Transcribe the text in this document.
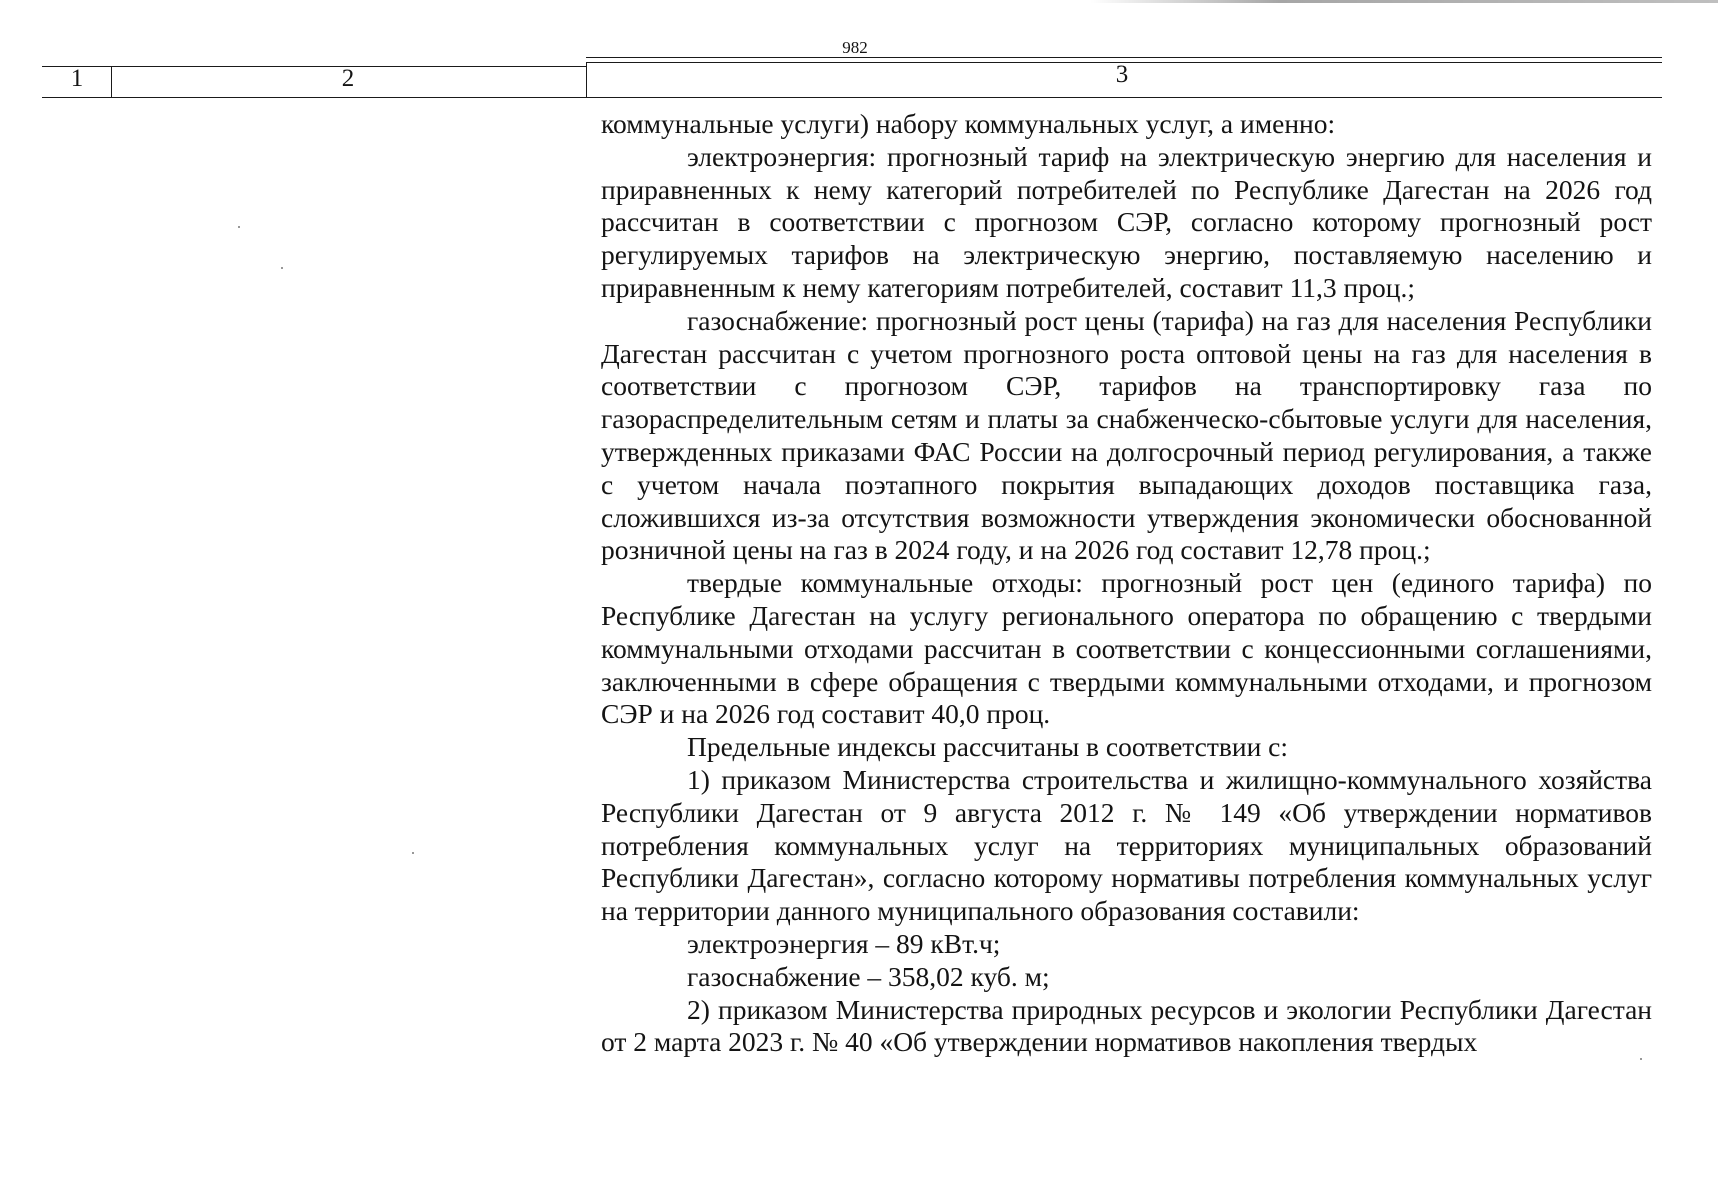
982
1	2	3

коммунальные услуги) набору коммунальных услуг, а именно:

электроэнергия: прогнозный тариф на электрическую энергию для населения и приравненных к нему категорий потребителей по Республике Дагестан на 2026 год рассчитан в соответствии с прогнозом СЭР, согласно которому прогнозный рост регулируемых тарифов на электрическую энергию, поставляемую населению и приравненным к нему категориям потребителей, составит 11,3 проц.;

газоснабжение: прогнозный рост цены (тарифа) на газ для населения Республики Дагестан рассчитан с учетом прогнозного роста оптовой цены на газ для населения в соответствии с прогнозом СЭР, тарифов на транспортировку газа по газораспределительным сетям и платы за снабженческо-сбытовые услуги для населения, утвержденных приказами ФАС России на долгосрочный период регулирования, а также с учетом начала поэтапного покрытия выпадающих доходов поставщика газа, сложившихся из-за отсутствия возможности утверждения экономически обоснованной розничной цены на газ в 2024 году, и на 2026 год составит 12,78 проц.;

твердые коммунальные отходы: прогнозный рост цен (единого тарифа) по Республике Дагестан на услугу регионального оператора по обращению с твердыми коммунальными отходами рассчитан в соответствии с концессионными соглашениями, заключенными в сфере обращения с твердыми коммунальными отходами, и прогнозом СЭР и на 2026 год составит 40,0 проц.

Предельные индексы рассчитаны в соответствии с:

1) приказом Министерства строительства и жилищно-коммунального хозяйства Республики Дагестан от 9 августа 2012 г. № 149 «Об утверждении нормативов потребления коммунальных услуг на территориях муниципальных образований Республики Дагестан», согласно которому нормативы потребления коммунальных услуг на территории данного муниципального образования составили:

электроэнергия – 89 кВт.ч;

газоснабжение – 358,02 куб. м;

2) приказом Министерства природных ресурсов и экологии Республики Дагестан от 2 марта 2023 г. № 40 «Об утверждении нормативов накопления твердых
